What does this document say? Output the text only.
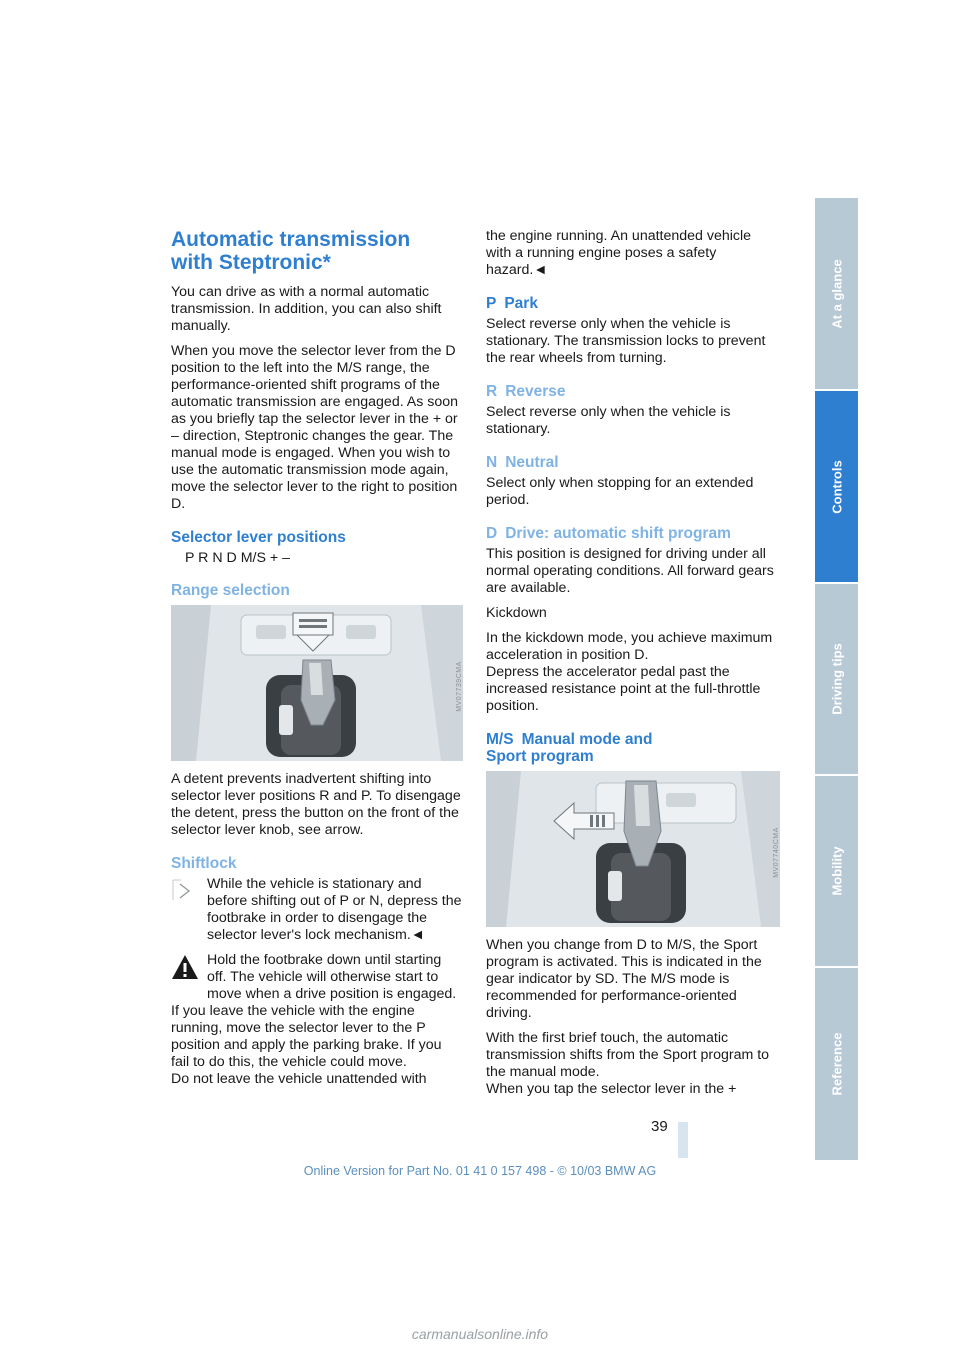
At a glance
Controls
Driving tips
Mobility
Reference
Automatic transmission
with Steptronic*

You can drive as with a normal automatic transmission. In addition, you can also shift manually.

When you move the selector lever from the D position to the left into the M/S range, the performance-oriented shift programs of the automatic transmission are engaged. As soon as you briefly tap the selector lever in the + or – direction, Steptronic changes the gear. The manual mode is engaged. When you wish to use the automatic transmission mode again, move the selector lever to the right to position D.

Selector lever positions
P R N D M/S + –
Range selection
MV07739CMA

A detent prevents inadvertent shifting into selector lever positions R and P. To disengage the detent, press the button on the front of the selector lever knob, see arrow.

Shiftlock

While the vehicle is stationary and before shifting out of P or N, depress the footbrake in order to disengage the selector lever's lock mechanism.◄

Hold the footbrake down until starting off. The vehicle will otherwise start to move when a drive position is engaged.

If you leave the vehicle with the engine running, move the selector lever to the P position and apply the parking brake. If you fail to do this, the vehicle could move.

Do not leave the vehicle unattended with

the engine running. An unattended vehicle with a running engine poses a safety hazard.◄

P Park

Select reverse only when the vehicle is stationary. The transmission locks to prevent the rear wheels from turning.

R Reverse

Select reverse only when the vehicle is stationary.

N Neutral

Select only when stopping for an extended period.

D Drive: automatic shift program

This position is designed for driving under all normal operating conditions. All forward gears are available.

Kickdown

In the kickdown mode, you achieve maximum acceleration in position D.

Depress the accelerator pedal past the increased resistance point at the full-throttle position.

M/S Manual mode and
Sport program
MV07740CMA

When you change from D to M/S, the Sport program is activated. This is indicated in the gear indicator by SD. The M/S mode is recommended for performance-oriented driving.

With the first brief touch, the automatic transmission shifts from the Sport program to the manual mode.

When you tap the selector lever in the +

39
Online Version for Part No. 01 41 0 157 498 - © 10/03 BMW AG
carmanualsonline.info
